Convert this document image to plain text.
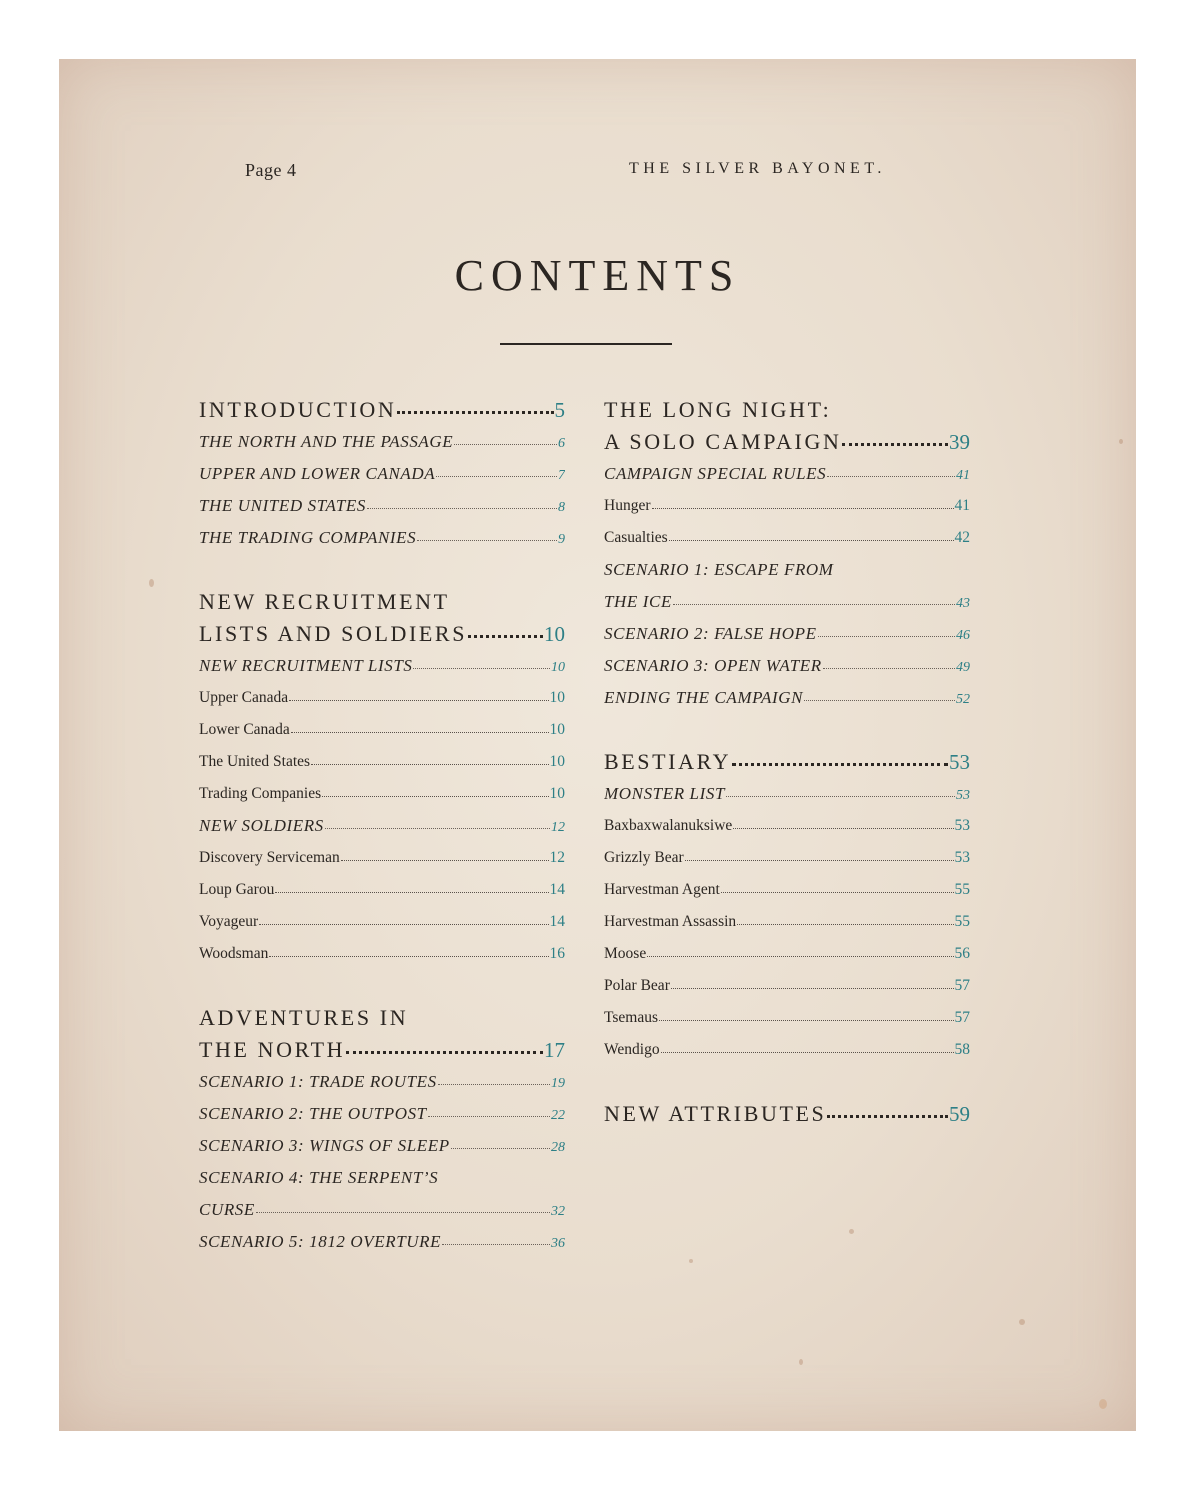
Page 4	THE SILVER BAYONET.
CONTENTS
INTRODUCTION	5
THE NORTH AND THE PASSAGE	6
UPPER AND LOWER CANADA	7
THE UNITED STATES	8
THE TRADING COMPANIES	9
NEW RECRUITMENT
LISTS AND SOLDIERS	10
NEW RECRUITMENT LISTS	10
Upper Canada	10
Lower Canada	10
The United States	10
Trading Companies	10
NEW SOLDIERS	12
Discovery Serviceman	12
Loup Garou	14
Voyageur	14
Woodsman	16
ADVENTURES IN
THE NORTH	17
SCENARIO 1: TRADE ROUTES	19
SCENARIO 2: THE OUTPOST	22
SCENARIO 3: WINGS OF SLEEP	28
SCENARIO 4: THE SERPENT’S
CURSE	32
SCENARIO 5: 1812 OVERTURE	36
THE LONG NIGHT:
A SOLO CAMPAIGN	39
CAMPAIGN SPECIAL RULES	41
Hunger	41
Casualties	42
SCENARIO 1: ESCAPE FROM
THE ICE	43
SCENARIO 2: FALSE HOPE	46
SCENARIO 3: OPEN WATER	49
ENDING THE CAMPAIGN	52
BESTIARY	53
MONSTER LIST	53
Baxbaxwalanuksiwe	53
Grizzly Bear	53
Harvestman Agent	55
Harvestman Assassin	55
Moose	56
Polar Bear	57
Tsemaus	57
Wendigo	58
NEW ATTRIBUTES	59
